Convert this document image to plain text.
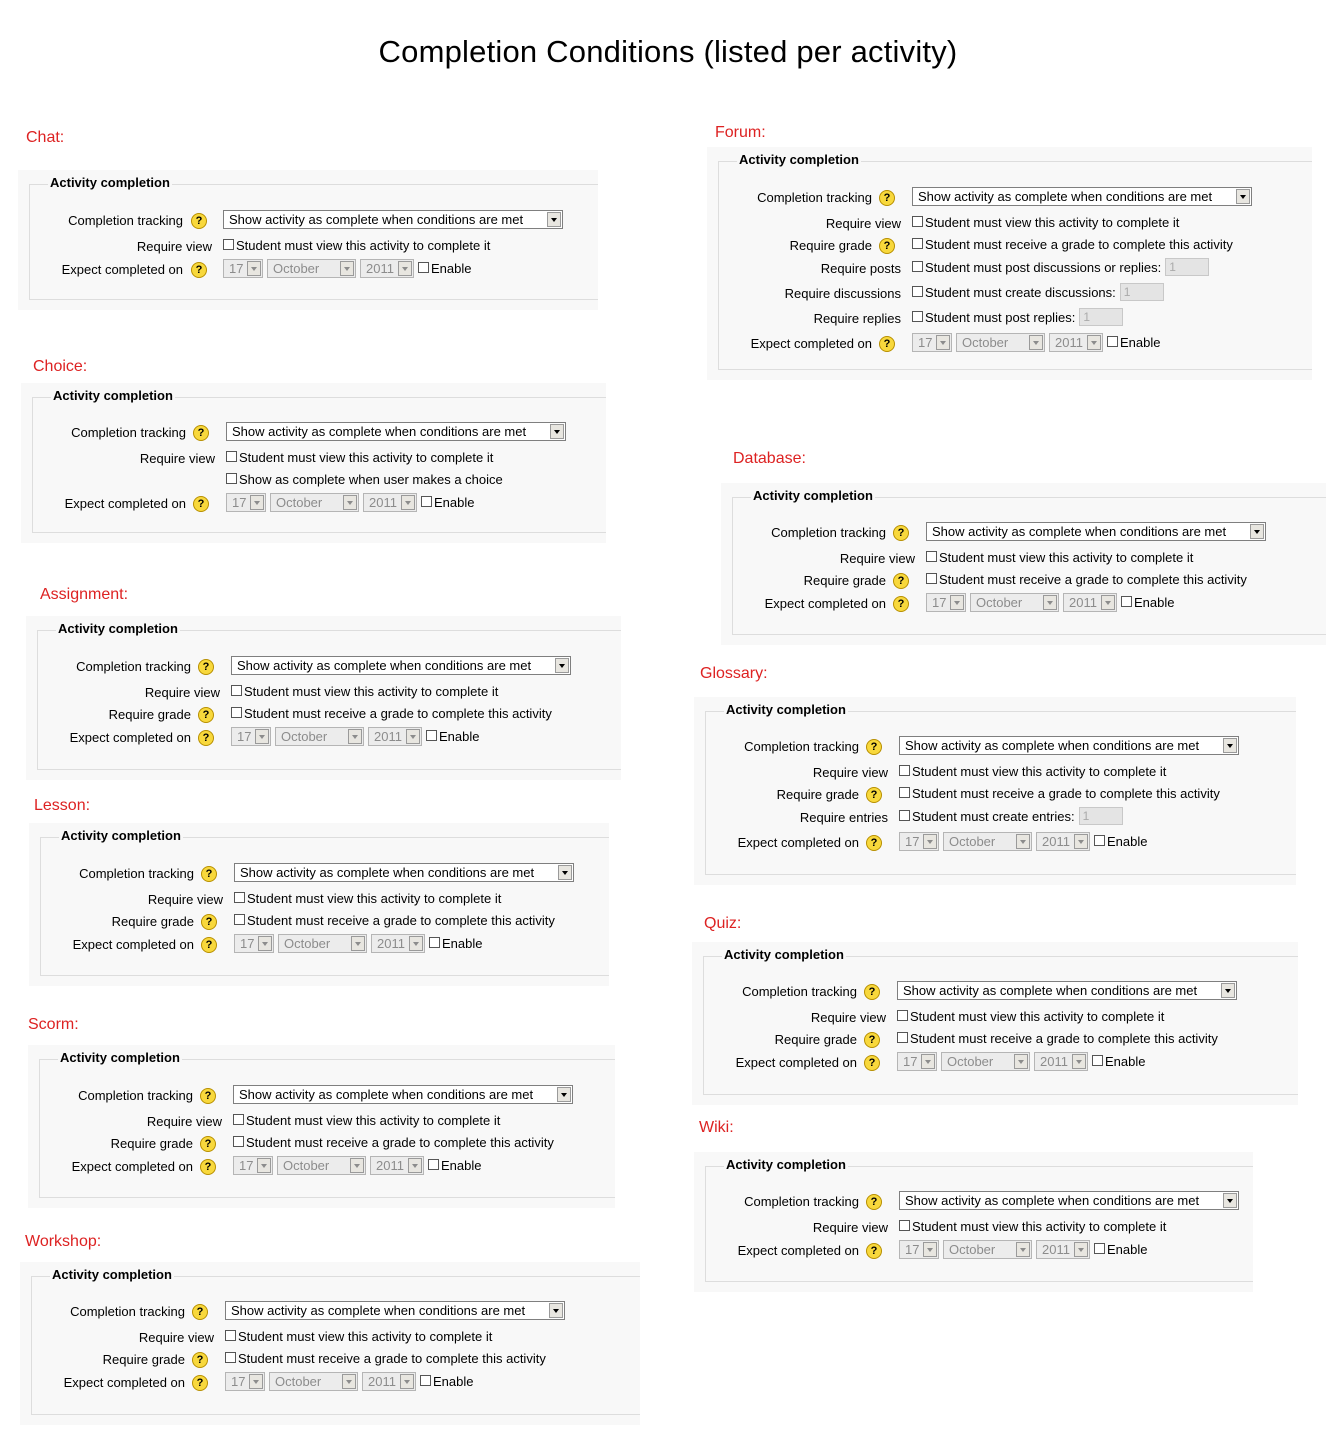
Completion Conditions (listed per activity)
Chat:
Activity completion
Completion tracking	?	Show activity as complete when conditions are met
Require view	Student must view this activity to complete it
Expect completed on	?	17 October	2011	Enable
Choice:
Activity completion
Completion tracking	?	Show activity as complete when conditions are met
Require view	Student must view this activity to complete it
Show as complete when user makes a choice
Expect completed on	?	17 October	2011	Enable
Assignment:
Activity completion
Completion tracking	?	Show activity as complete when conditions are met
Require view	Student must view this activity to complete it
Require grade	?	Student must receive a grade to complete this activity
Expect completed on	?	17 October	2011	Enable
Lesson:
Activity completion
Completion tracking	?	Show activity as complete when conditions are met
Require view	Student must view this activity to complete it
Require grade	?	Student must receive a grade to complete this activity
Expect completed on	?	17 October	2011	Enable
Scorm:
Activity completion
Completion tracking	?	Show activity as complete when conditions are met
Require view	Student must view this activity to complete it
Require grade	?	Student must receive a grade to complete this activity
Expect completed on	?	17 October	2011	Enable
Workshop:
Activity completion
Completion tracking	?	Show activity as complete when conditions are met
Require view	Student must view this activity to complete it
Require grade	?	Student must receive a grade to complete this activity
Expect completed on	?	17 October	2011	Enable
Forum:
Activity completion
Completion tracking	?	Show activity as complete when conditions are met
Require view	Student must view this activity to complete it
Require grade	?	Student must receive a grade to complete this activity
Require posts	Student must post discussions or replies: 1
Require discussions	Student must create discussions: 1
Require replies	Student must post replies: 1
Expect completed on	?	17 October	2011	Enable
Database:
Activity completion
Completion tracking	?	Show activity as complete when conditions are met
Require view	Student must view this activity to complete it
Require grade	?	Student must receive a grade to complete this activity
Expect completed on	?	17 October	2011	Enable
Glossary:
Activity completion
Completion tracking	?	Show activity as complete when conditions are met
Require view	Student must view this activity to complete it
Require grade	?	Student must receive a grade to complete this activity
Require entries	Student must create entries: 1
Expect completed on	?	17 October	2011	Enable
Quiz:
Activity completion
Completion tracking	?	Show activity as complete when conditions are met
Require view	Student must view this activity to complete it
Require grade	?	Student must receive a grade to complete this activity
Expect completed on	?	17 October	2011	Enable
Wiki:
Activity completion
Completion tracking	?	Show activity as complete when conditions are met
Require view	Student must view this activity to complete it
Expect completed on	?	17 October	2011	Enable
